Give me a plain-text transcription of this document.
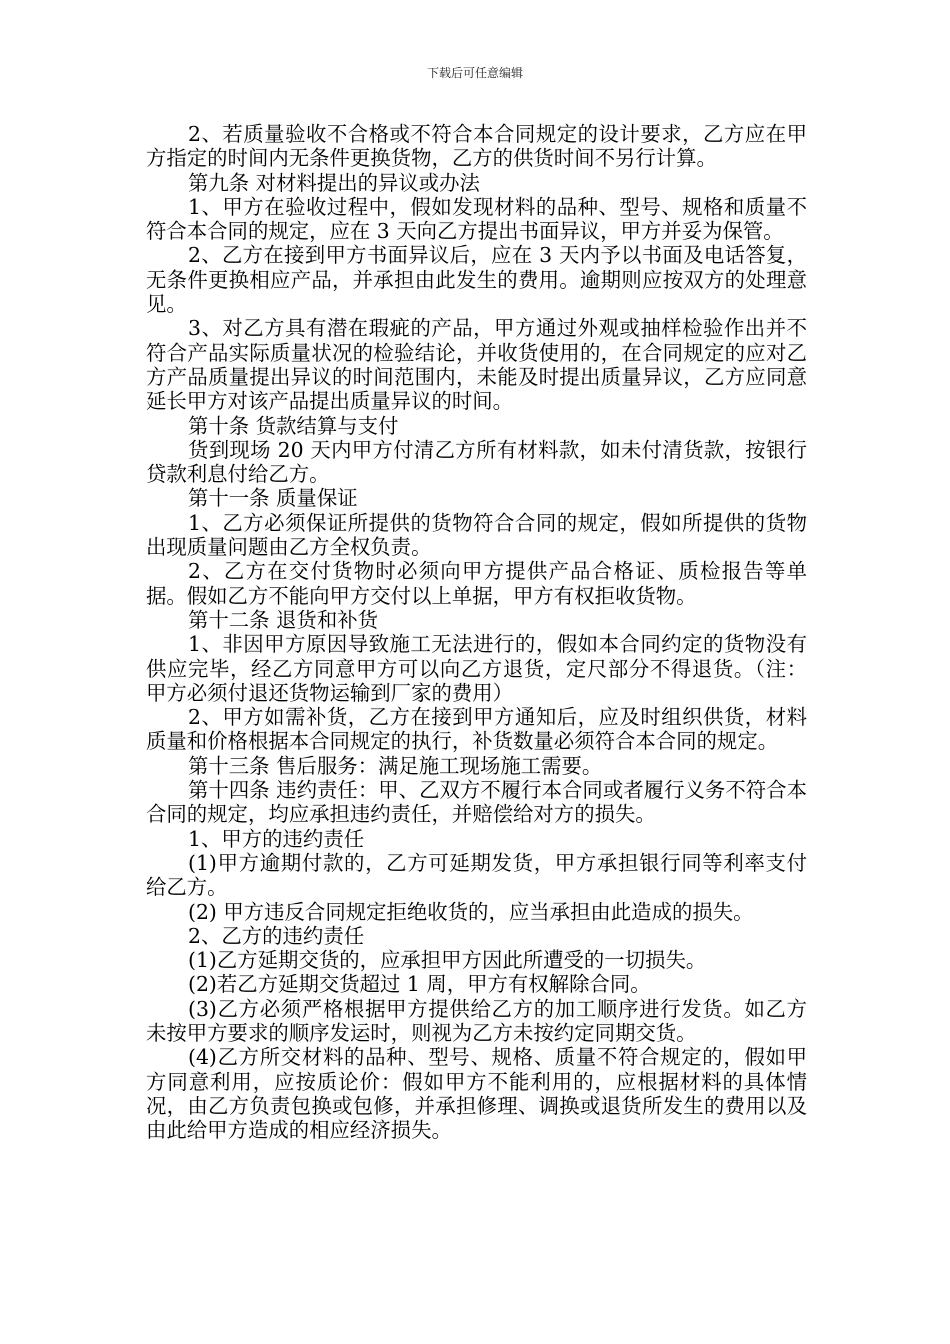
下载后可任意编辑

2、若质量验收不合格或不符合本合同规定的设计要求，乙方应在甲方指定的时间内无条件更换货物，乙方的供货时间不另行计算。

第九条 对材料提出的异议或办法

1、甲方在验收过程中，假如发现材料的品种、型号、规格和质量不符合本合同的规定，应在 3 天向乙方提出书面异议，甲方并妥为保管。

2、乙方在接到甲方书面异议后，应在 3 天内予以书面及电话答复，无条件更换相应产品，并承担由此发生的费用。逾期则应按双方的处理意见。

3、对乙方具有潜在瑕疵的产品，甲方通过外观或抽样检验作出并不符合产品实际质量状况的检验结论，并收货使用的，在合同规定的应对乙方产品质量提出异议的时间范围内，未能及时提出质量异议，乙方应同意延长甲方对该产品提出质量异议的时间。

第十条 货款结算与支付

货到现场 20 天内甲方付清乙方所有材料款，如未付清货款，按银行贷款利息付给乙方。

第十一条 质量保证

1、乙方必须保证所提供的货物符合合同的规定，假如所提供的货物出现质量问题由乙方全权负责。

2、乙方在交付货物时必须向甲方提供产品合格证、质检报告等单据。假如乙方不能向甲方交付以上单据，甲方有权拒收货物。

第十二条 退货和补货

1、非因甲方原因导致施工无法进行的，假如本合同约定的货物没有供应完毕，经乙方同意甲方可以向乙方退货，定尺部分不得退货。（注：甲方必须付退还货物运输到厂家的费用）

2、甲方如需补货，乙方在接到甲方通知后，应及时组织供货，材料质量和价格根据本合同规定的执行，补货数量必须符合本合同的规定。

第十三条 售后服务：满足施工现场施工需要。

第十四条 违约责任：甲、乙双方不履行本合同或者履行义务不符合本合同的规定，均应承担违约责任，并赔偿给对方的损失。

1、甲方的违约责任

(1)甲方逾期付款的，乙方可延期发货，甲方承担银行同等利率支付给乙方。

(2) 甲方违反合同规定拒绝收货的，应当承担由此造成的损失。

2、乙方的违约责任

(1)乙方延期交货的，应承担甲方因此所遭受的一切损失。

(2)若乙方延期交货超过 1 周，甲方有权解除合同。

(3)乙方必须严格根据甲方提供给乙方的加工顺序进行发货。如乙方未按甲方要求的顺序发运时，则视为乙方未按约定同期交货。

(4)乙方所交材料的品种、型号、规格、质量不符合规定的，假如甲方同意利用，应按质论价：假如甲方不能利用的，应根据材料的具体情况，由乙方负责包换或包修，并承担修理、调换或退货所发生的费用以及由此给甲方造成的相应经济损失。
